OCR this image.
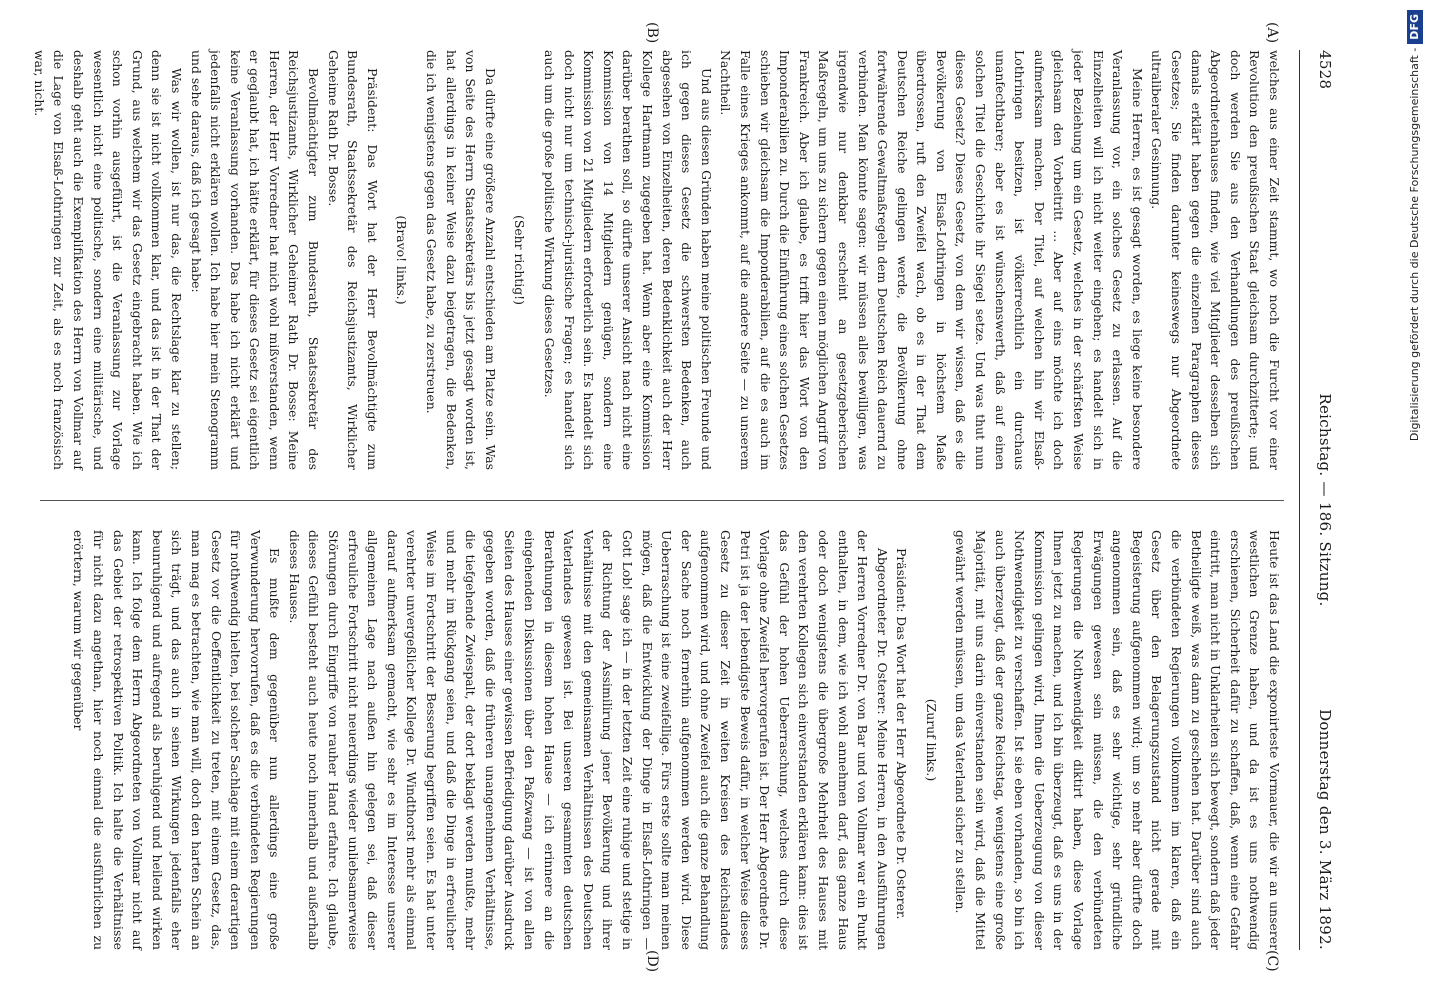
4528
Reichstag. — 186. Sitzung.
Donnerstag den 3. März 1892.
(A)
(B)
(C)
(D)

welches aus einer Zeit stammt, wo noch die Furcht vor einer Revolution den preußischen Staat gleichsam durchzitterte; und doch werden Sie aus den Verhandlungen des preußischen Abgeordnetenhauses finden, wie viel Mitglieder desselben sich damals erklärt haben gegen die einzelnen Paragraphen dieses Gesetzes; Sie finden darunter keineswegs nur Abgeordnete ultraliberaler Gesinnung.

Meine Herren, es ist gesagt worden, es liege keine besondere Veranlassung vor, ein solches Gesetz zu erlassen. Auf die Einzelheiten will ich nicht weiter eingehen; es handelt sich in jeder Beziehung um ein Gesetz, welches in der schärfsten Weise gleichsam den Vorbeitritt ... Aber auf eins möchte ich doch aufmerksam machen. Der Titel, auf welchen hin wir Elsaß-Lothringen besitzen, ist völkerrechtlich ein durchaus unanfechtbarer; aber es ist wünschenswerth, daß auf einen solchen Titel die Geschichte ihr Siegel setze. Und was thut nun dieses Gesetz? Dieses Gesetz, von dem wir wissen, daß es die Bevölkerung von Elsaß-Lothringen in höchstem Maße überdrossen, ruft den Zweifel wach, ob es in der That dem Deutschen Reiche gelingen werde, die Bevölkerung ohne fortwährende Gewaltmaßregeln dem Deutschen Reich dauernd zu verbinden. Man könnte sagen: wir müssen alles bewilligen, was irgendwie nur denkbar erscheint an gesetzgeberischen Maßregeln, um uns zu sichern gegen einen möglichen Angriff von Frankreich. Aber ich glaube, es trifft hier das Wort von den Imponderabilien zu. Durch die Einführung eines solchen Gesetzes schieben wir gleichsam die Imponderabilien, auf die es auch im Falle eines Krieges ankommt, auf die andere Seite — zu unserem Nachtheil.

Und aus diesen Gründen haben meine politischen Freunde und ich gegen dieses Gesetz die schwersten Bedenken, auch abgesehen von Einzelheiten, deren Bedenklichkeit auch der Herr Kollege Hartmann zugegeben hat. Wenn aber eine Kommission darüber berathen soll, so dürfte unserer Ansicht nach nicht eine Kommission von 14 Mitgliedern genügen, sondern eine Kommission von 21 Mitgliedern erforderlich sein. Es handelt sich doch nicht nur um technisch-juristische Fragen; es handelt sich auch um die große politische Wirkung dieses Gesetzes.

(Sehr richtig!)

Da dürfte eine größere Anzahl entschieden am Platze sein. Was von Seite des Herrn Staatssekretärs bis jetzt gesagt worden ist, hat allerdings in keiner Weise dazu beigetragen, die Bedenken, die ich wenigstens gegen das Gesetz habe, zu zerstreuen.

(Bravo! links.)

Präsident: Das Wort hat der Herr Bevollmächtigte zum Bundesrath, Staatssekretär des Reichsjustizamts, Wirklicher Geheime Rath Dr. Bosse.

Bevollmächtigter zum Bundesrath, Staatssekretär des Reichsjustizamts, Wirklicher Geheimer Rath Dr. Bosse: Meine Herren, der Herr Vorredner hat mich wohl mißverstanden, wenn er geglaubt hat, ich hätte erklärt, für dieses Gesetz sei eigentlich keine Veranlassung vorhanden. Das habe ich nicht erklärt und jedenfalls nicht erklären wollen. Ich habe hier mein Stenogramm und sehe daraus, daß ich gesagt habe:

Was wir wollen, ist nur das, die Rechtslage klar zu stellen; denn sie ist nicht vollkommen klar, und das ist in der That der Grund, aus welchem wir das Gesetz eingebracht haben. Wie ich schon vorhin ausgeführt, ist die Veranlassung zur Vorlage wesentlich nicht eine politische, sondern eine militärische, und deshalb geht auch die Exemplifikation des Herrn von Vollmar auf die Lage von Elsaß-Lothringen zur Zeit, als es noch französisch war, nicht.

Heute ist das Land die exponirteste Vormauer, die wir an unserer westlichen Grenze haben, und da ist es uns nothwendig erschienen, Sicherheit dafür zu schaffen, daß, wenn eine Gefahr eintritt, man nicht in Unklarheiten sich bewegt, sondern daß jeder Betheiligte weiß, was dann zu geschehen hat. Darüber sind auch die verbündeten Regierungen vollkommen im klaren, daß ein Gesetz über den Belagerungszustand nicht gerade mit Begeisterung aufgenommen wird; um so mehr aber dürfte doch angenommen sein, daß es sehr wichtige, sehr gründliche Erwägungen gewesen sein müssen, die den verbündeten Regierungen die Nothwendigkeit diktirt haben, diese Vorlage Ihnen jetzt zu machen, und ich bin überzeugt, daß es uns in der Kommission gelingen wird, Ihnen die Ueberzeugung von dieser Nothwendigkeit zu verschaffen. Ist sie eben vorhanden, so bin ich auch überzeugt, daß der ganze Reichstag, wenigstens eine große Majorität, mit uns darin einverstanden sein wird, daß die Mittel gewährt werden müssen, um das Vaterland sicher zu stellen.

(Zuruf links.)

Präsident: Das Wort hat der Herr Abgeordnete Dr. Osterer.

Abgeordneter Dr. Osterer: Meine Herren, in den Ausführungen der Herren Vorredner Dr. von Bar und von Vollmar war ein Punkt enthalten, in dem, wie ich wohl annehmen darf, das ganze Haus oder doch wenigstens die übergroße Mehrheit des Hauses mit den verehrten Kollegen sich einverstanden erklären kann: dies ist das Gefühl der hohen Ueberraschung, welches durch diese Vorlage ohne Zweifel hervorgerufen ist. Der Herr Abgeordnete Dr. Petri ist ja der lebendigste Beweis dafür, in welcher Weise dieses Gesetz zu dieser Zeit in weiten Kreisen des Reichslandes aufgenommen wird, und ohne Zweifel auch die ganze Behandlung der Sache noch fernerhin aufgenommen werden wird. Diese Ueberraschung ist eine zweifellige. Fürs erste sollte man meinen mögen, daß die Entwicklung der Dinge in Elsaß-Lothringen — Gott Lob! sage ich — in der letzten Zeit eine ruhige und stetige in der Richtung der Assimilirung jener Bevölkerung und ihrer Verhältnisse mit den gemeinsamen Verhältnissen des Deutschen Vaterlandes gewesen ist. Bei unseren gesammten deutschen Berathungen in diesem hohen Hause — ich erinnere an die eingehenden Diskussionen über den Paßzwang — ist von allen Seiten des Hauses einer gewissen Befriedigung darüber Ausdruck gegeben worden, daß die früheren unangenehmen Verhältnisse, die tiefgehende Zwiespalt, der dort beklagt werden mußte, mehr und mehr im Rückgang seien, und daß die Dinge in erfreulicher Weise im Fortschritt der Besserung begriffen seien. Es hat unter verehrter unvergeßlicher Kollege Dr. Windthorst mehr als einmal darauf aufmerksam gemacht, wie sehr es im Interesse unserer allgemeinen Lage nach außen hin gelegen sei, daß dieser erfreuliche Fortschritt nicht neuerdings wieder unliebsamerweise Störungen durch Eingriffe von rauher Hand erfahre. Ich glaube, dieses Gefühl besteht auch heute noch innerhalb und außerhalb dieses Hauses.

Es mußte dem gegenüber nun allerdings eine große Verwunderung hervorrufen, daß es die verbündeten Regierungen für nothwendig hielten, bei solcher Sachlage mit einem derartigen Gesetz vor die Oeffentlichkeit zu treten, mit einem Gesetz, das, man mag es betrachten, wie man will, doch den harten Schein an sich trägt, und das auch in seinen Wirkungen jedenfalls eher beunruhigend und aufregend als beruhigend und heilend wirken kann. Ich folge dem Herrn Abgeordneten von Vollmar nicht auf das Gebiet der retrospektiven Politik. Ich halte die Verhältnisse für nicht dazu angethan, hier noch einmal die ausführlichen zu erörtern, warum wir gegenüber

Digitalisierung gefördert durch die Deutsche Forschungsgemeinschaft -DFG
